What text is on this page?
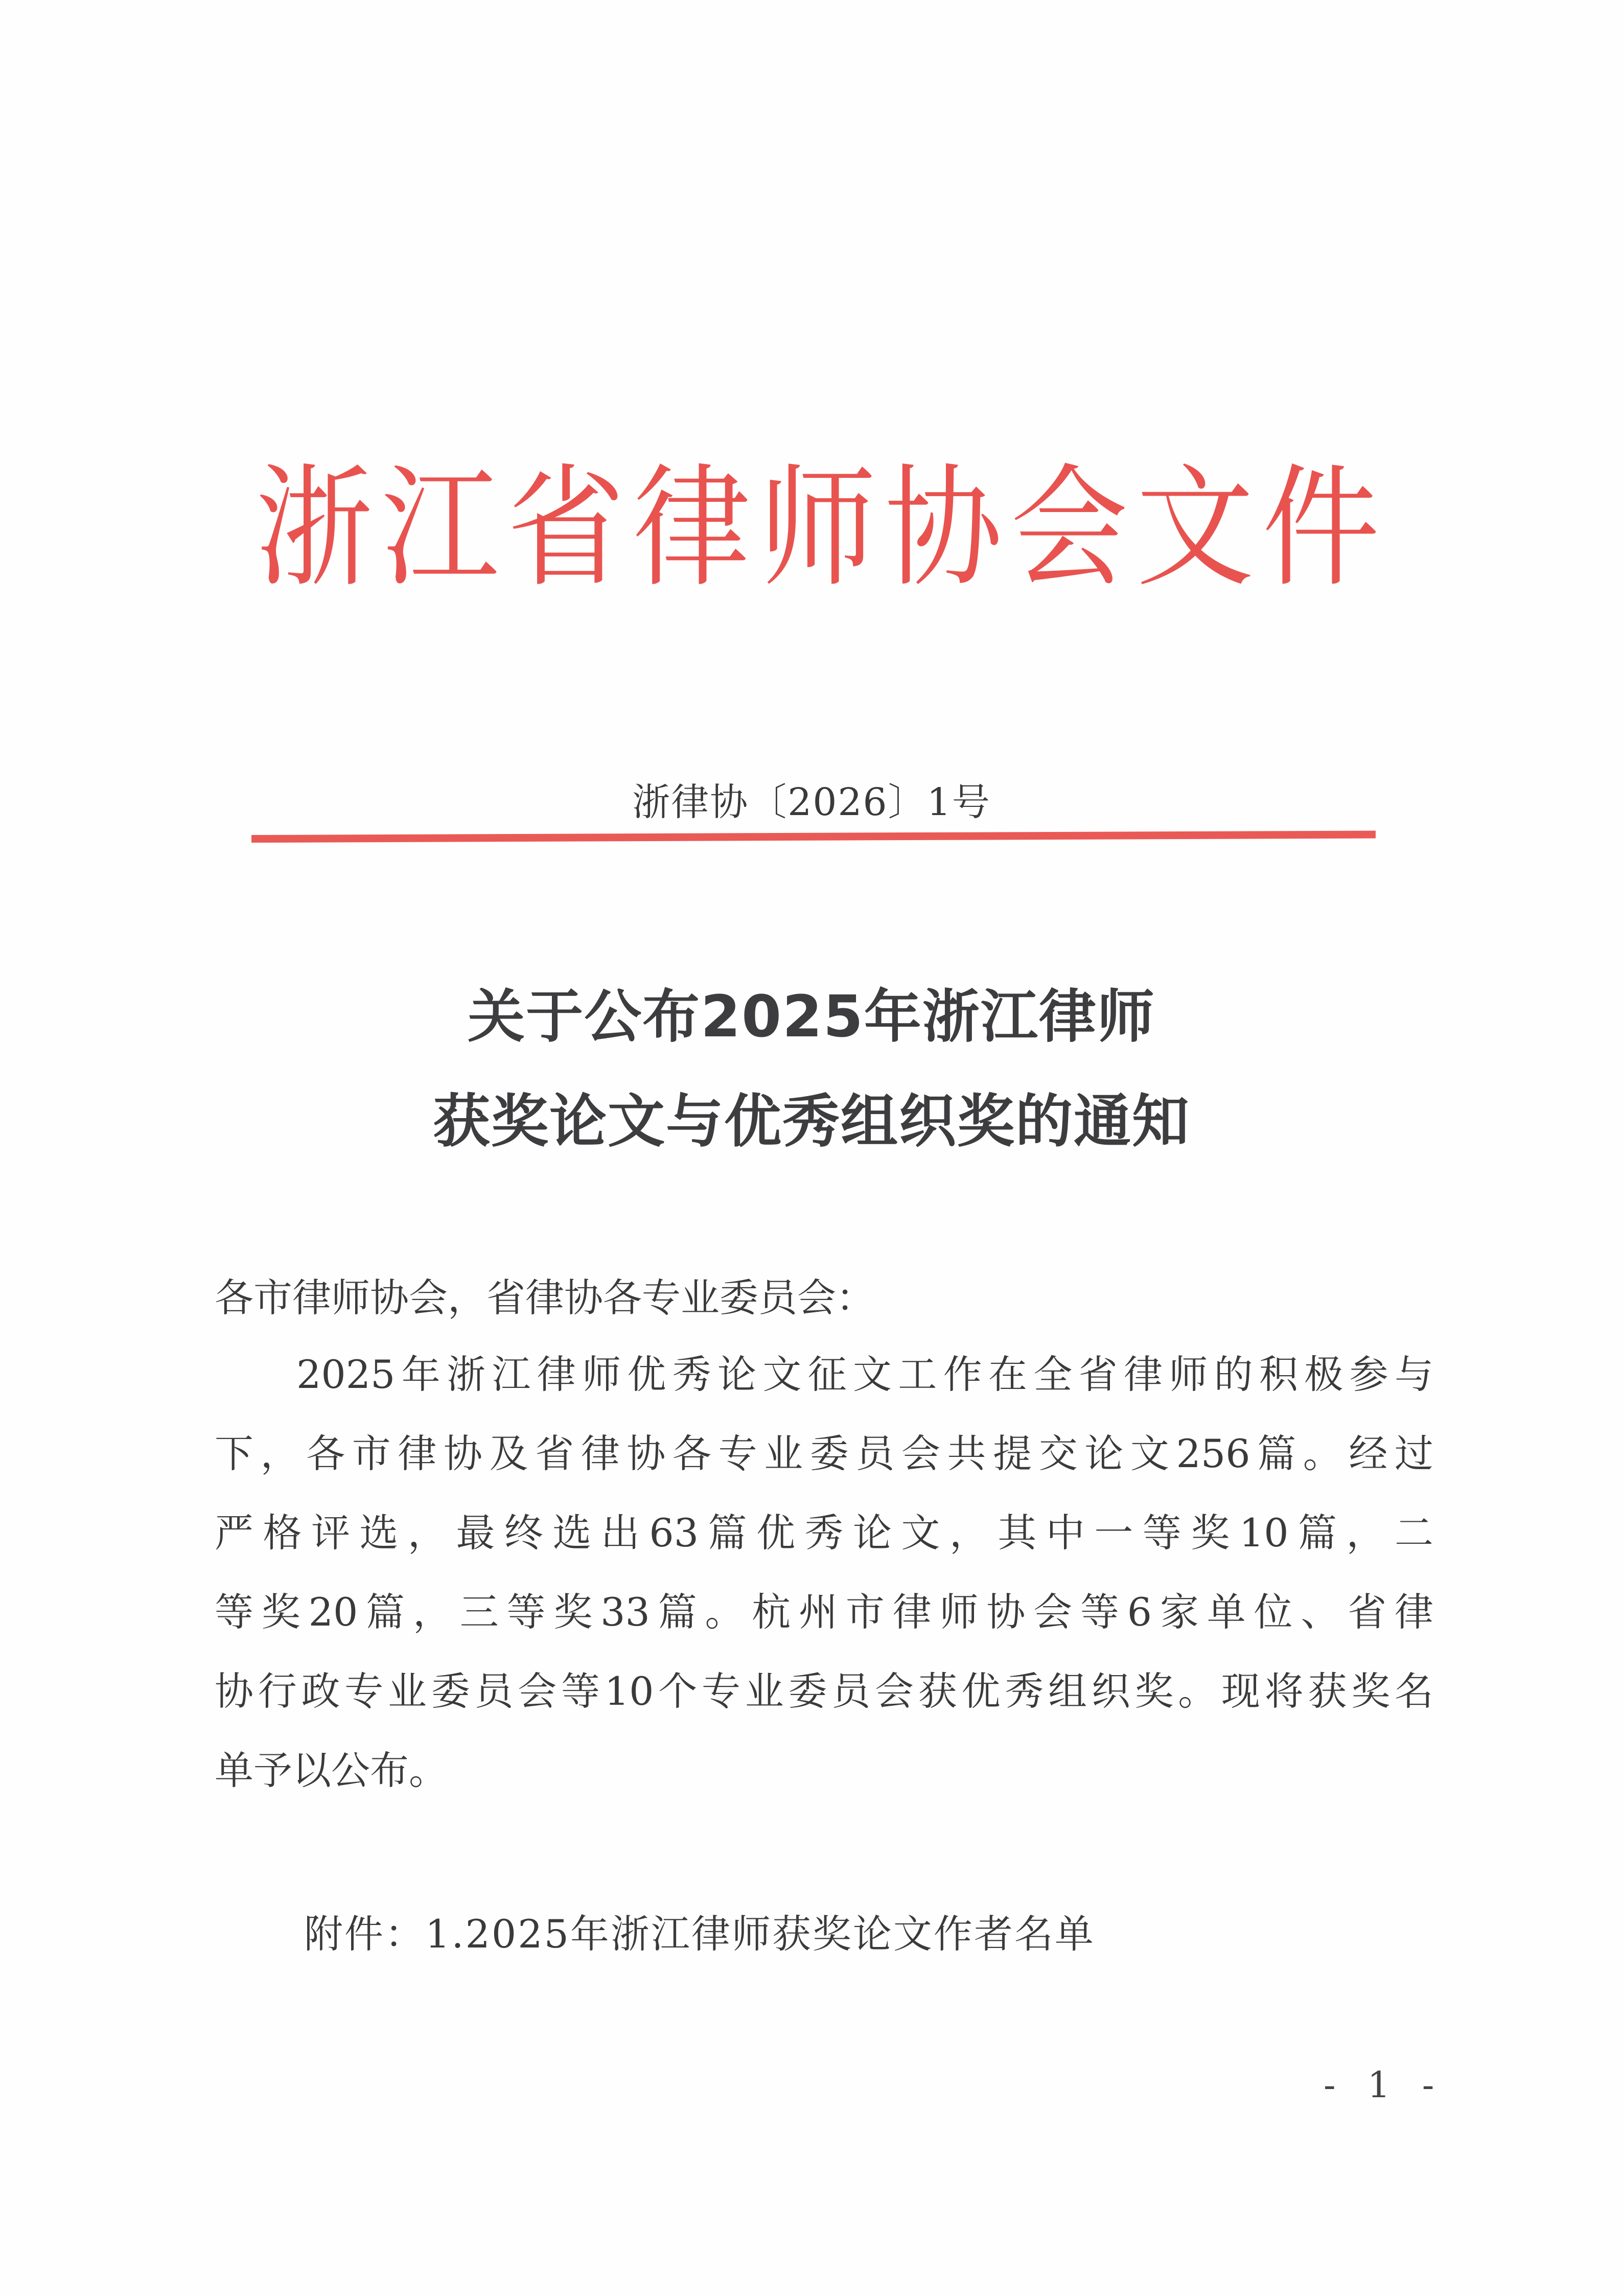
浙 江 省 律 师 协 会 文 件
浙律协〔2026〕1号
关于公布2025年浙江律师
获奖论文与优秀组织奖的通知
各市律师协会，省律协各专业委员会：
2025年浙江律师优秀论文征文工作在全省律师的积极参与
下，各市律协及省律协各专业委员会共提交论文256篇。经过
严格评选，最终选出63篇优秀论文，其中一等奖10篇，二
等奖20篇，三等奖33篇。杭州市律师协会等6家单位、省律
协行政专业委员会等10个专业委员会获优秀组织奖。现将获奖名
单予以公布。
附件：1.2025年浙江律师获奖论文作者名单
- 1 -
